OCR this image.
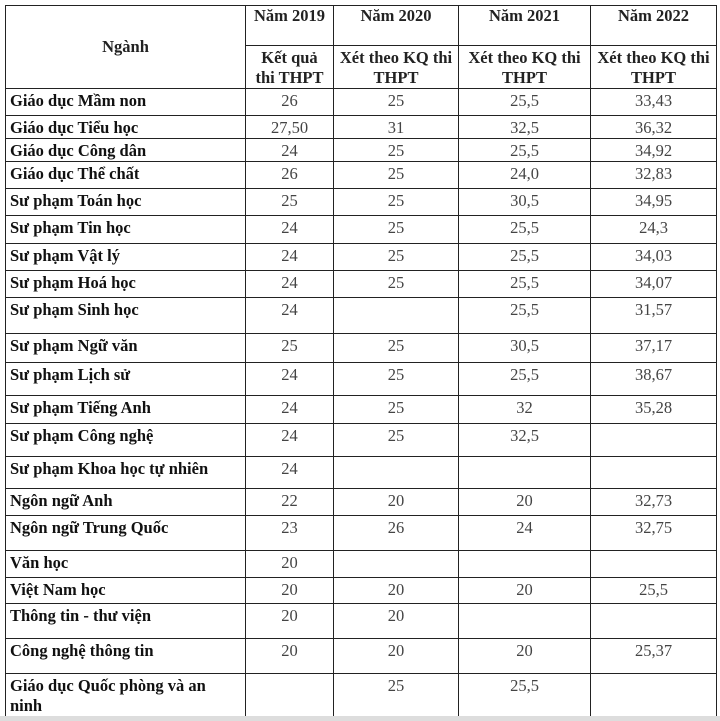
Ngành	Năm 2019	Năm 2020	Năm 2021	Năm 2022
	Kết quả thi THPT	Xét theo KQ thi THPT	Xét theo KQ thi THPT	Xét theo KQ thi THPT
Giáo dục Mầm non	26	25	25,5	33,43
Giáo dục Tiểu học	27,50	31	32,5	36,32
Giáo dục Công dân	24	25	25,5	34,92
Giáo dục Thể chất	26	25	24,0	32,83
Sư phạm Toán học	25	25	30,5	34,95
Sư phạm Tin học	24	25	25,5	24,3
Sư phạm Vật lý	24	25	25,5	34,03
Sư phạm Hoá học	24	25	25,5	34,07
Sư phạm Sinh học	24		25,5	31,57
Sư phạm Ngữ văn	25	25	30,5	37,17
Sư phạm Lịch sử	24	25	25,5	38,67
Sư phạm Tiếng Anh	24	25	32	35,28
Sư phạm Công nghệ	24	25	32,5	
Sư phạm Khoa học tự nhiên	24			
Ngôn ngữ Anh	22	20	20	32,73
Ngôn ngữ Trung Quốc	23	26	24	32,75
Văn học	20			
Việt Nam học	20	20	20	25,5
Thông tin - thư viện	20	20		
Công nghệ thông tin	20	20	20	25,37
Giáo dục Quốc phòng và an ninh		25	25,5	
